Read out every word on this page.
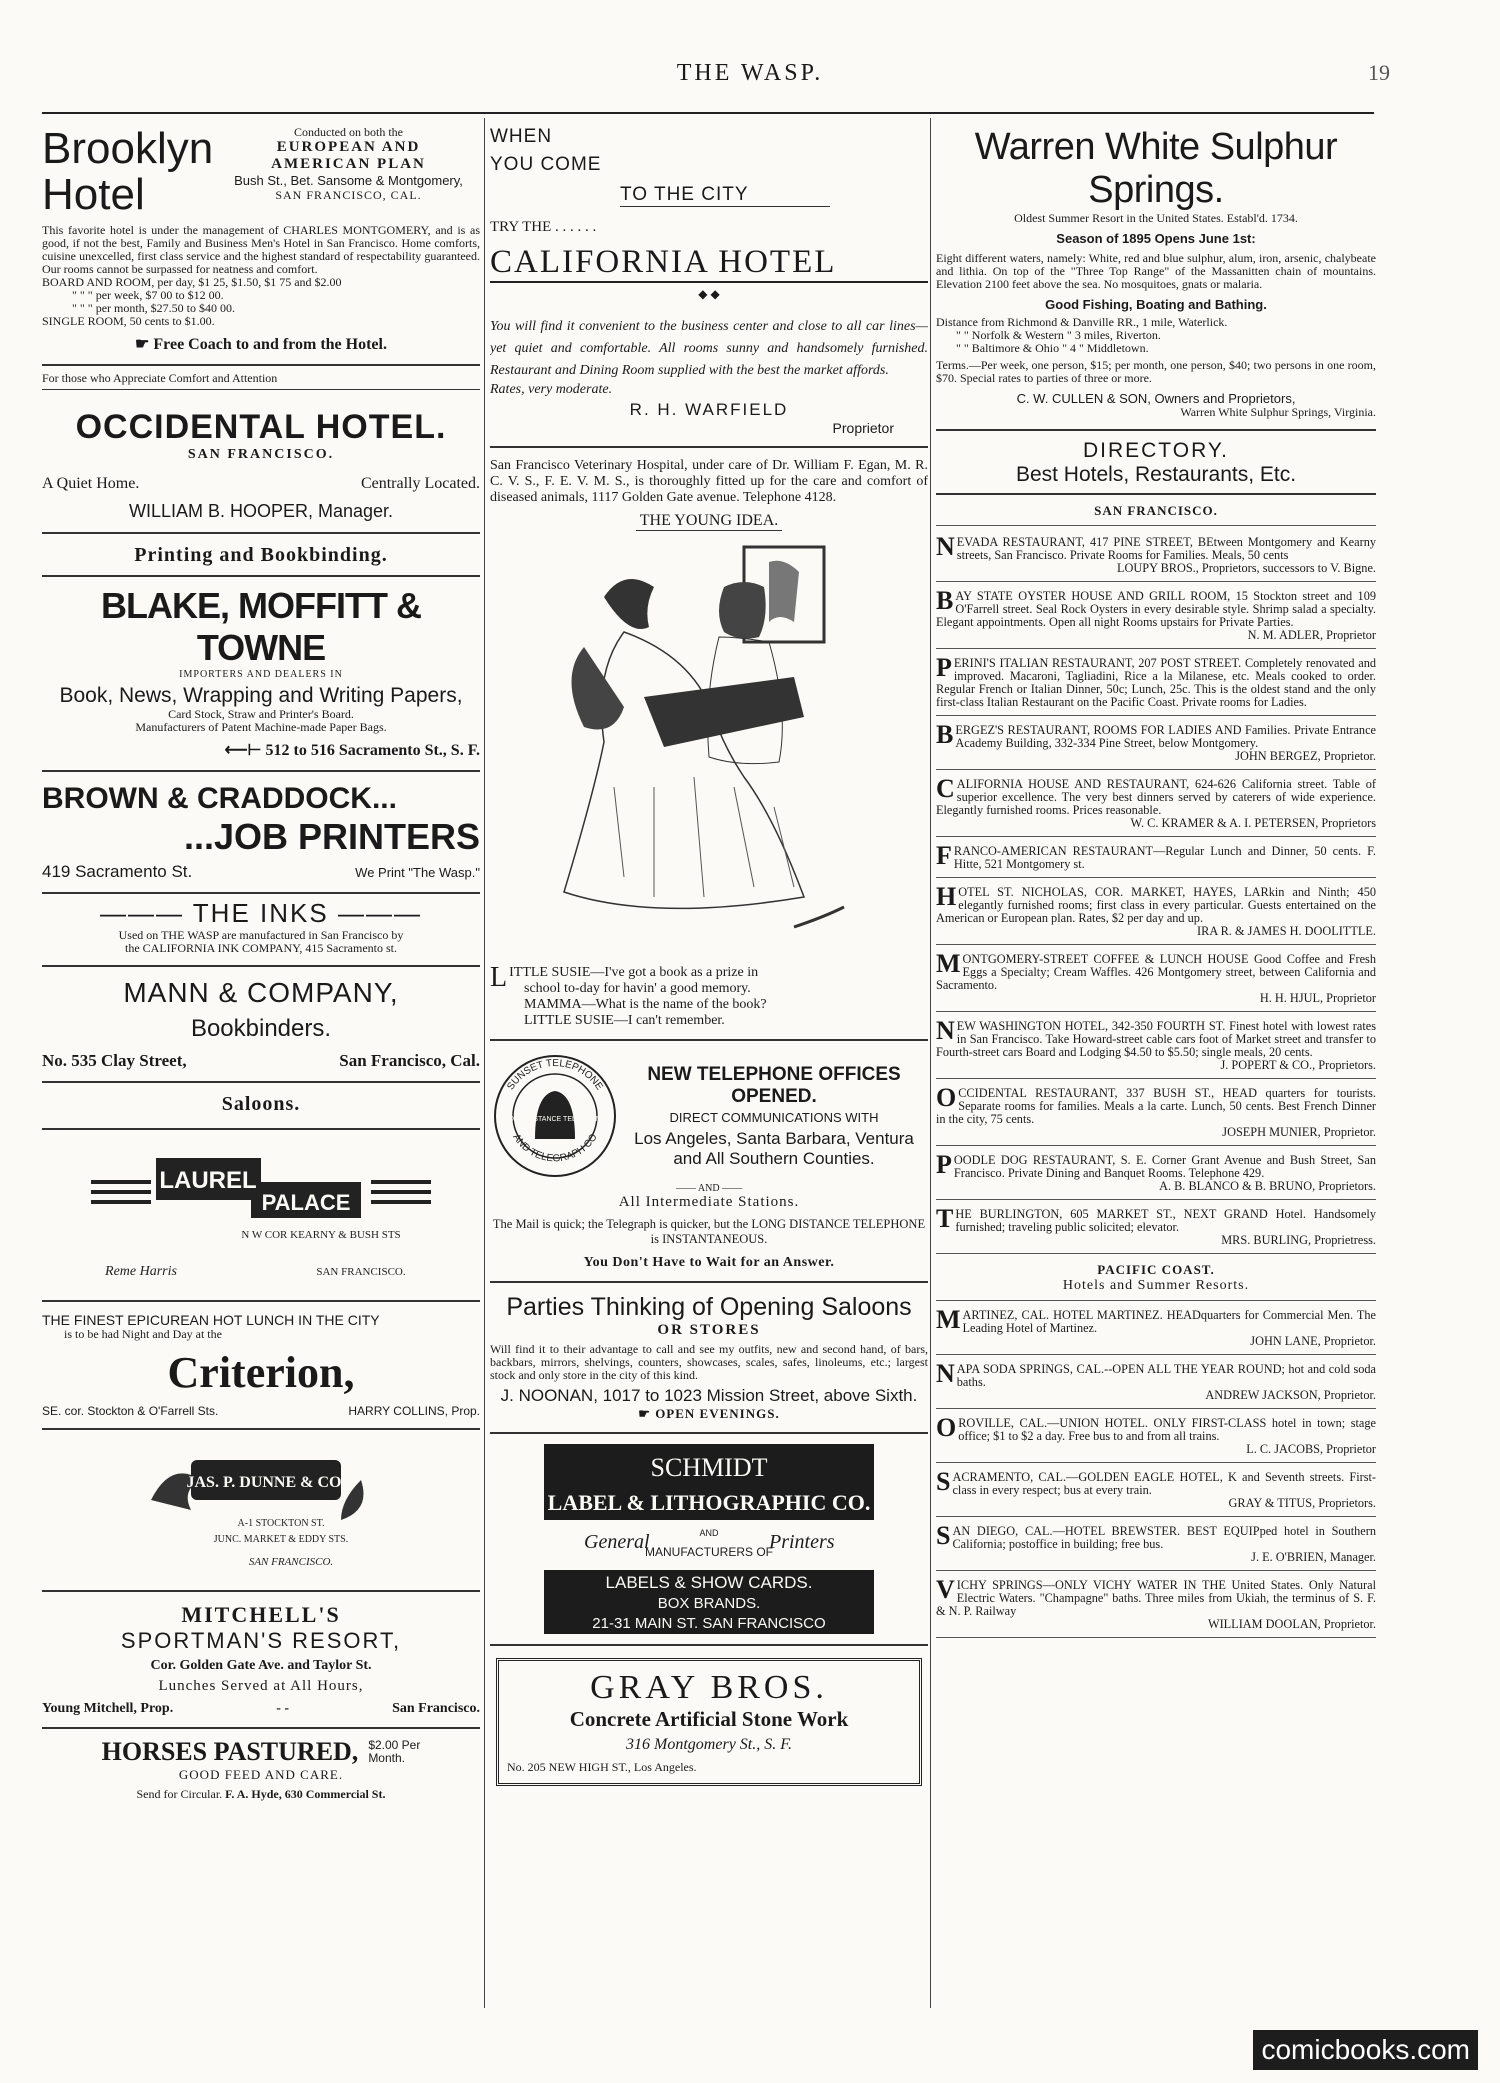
THE WASP.	19
Brooklyn
Hotel
Conducted on both the
EUROPEAN AND
AMERICAN PLAN
Bush St., Bet. Sansome & Montgomery,
SAN FRANCISCO, CAL.
This favorite hotel is under the management of CHARLES MONTGOMERY, and is as good, if not the best, Family and Business Men's Hotel in San Francisco. Home comforts, cuisine unexcelled, first class service and the highest standard of respectability guaranteed. Our rooms cannot be surpassed for neatness and comfort.
BOARD AND ROOM, per day, $1 25, $1.50, $1 75 and $2.00
" " " per week, $7 00 to $12 00.
" " " per month, $27.50 to $40 00.
SINGLE ROOM, 50 cents to $1.00.
☛ Free Coach to and from the Hotel.
For those who Appreciate Comfort and Attention
OCCIDENTAL HOTEL.
SAN FRANCISCO.
A Quiet Home.	Centrally Located.
WILLIAM B. HOOPER, Manager.
Printing and Bookbinding.
BLAKE, MOFFITT & TOWNE
IMPORTERS AND DEALERS IN
Book, News, Wrapping and Writing Papers,
Card Stock, Straw and Printer's Board.
Manufacturers of Patent Machine-made Paper Bags.
⟵⊢ 512 to 516 Sacramento St., S. F.
BROWN & CRADDOCK...
...JOB PRINTERS
419 Sacramento St.	We Print "The Wasp."
——— THE INKS ———
Used on THE WASP are manufactured in San Francisco by
the CALIFORNIA INK COMPANY, 415 Sacramento st.
MANN & COMPANY,
Bookbinders.
No. 535 Clay Street,	San Francisco, Cal.
Saloons.
LAUREL
PALACE
N W COR KEARNY & BUSH STS
Reme Harris	SAN FRANCISCO.
THE FINEST EPICUREAN HOT LUNCH IN THE CITY
is to be had Night and Day at the
Criterion,
SE. cor. Stockton & O'Farrell Sts.	HARRY COLLINS, Prop.
JAS. P. DUNNE & CO.
A-1 STOCKTON ST.
JUNC. MARKET & EDDY STS.
SAN FRANCISCO.
MITCHELL'S
SPORTMAN'S RESORT,
Cor. Golden Gate Ave. and Taylor St.
Lunches Served at All Hours,
Young Mitchell, Prop.	- -	San Francisco.
HORSES PASTURED, $2.00 Per
Month.
GOOD FEED AND CARE.
Send for Circular. F. A. Hyde, 630 Commercial St.
WHEN
YOU COME
TO THE CITY
TRY THE . . . . . .
CALIFORNIA HOTEL
◆ ◆
You will find it convenient to the business center and close to all car lines—yet quiet and comfortable. All rooms sunny and handsomely furnished. Restaurant and Dining Room supplied with the best the market affords.
Rates, very moderate.
R. H. WARFIELD
Proprietor
San Francisco Veterinary Hospital, under care of Dr. William F. Egan, M. R. C. V. S., F. E. V. M. S., is thoroughly fitted up for the care and comfort of diseased animals, 1117 Golden Gate avenue. Telephone 4128.
THE YOUNG IDEA.
LITTLE SUSIE—I've got a book as a prize in
school to-day for havin' a good memory.
MAMMA—What is the name of the book?
LITTLE SUSIE—I can't remember.
LONG DISTANCE TELEPHONE
SUNSET TELEPHONE
AND TELEGRAPH CO
NEW TELEPHONE OFFICES OPENED.
DIRECT COMMUNICATIONS WITH
Los Angeles, Santa Barbara, Ventura
and All Southern Counties.
—— AND ——
All Intermediate Stations.
The Mail is quick; the Telegraph is quicker, but the LONG DISTANCE TELEPHONE is INSTANTANEOUS.
You Don't Have to Wait for an Answer.
Parties Thinking of Opening Saloons
OR STORES
Will find it to their advantage to call and see my outfits, new and second hand, of bars, backbars, mirrors, shelvings, counters, showcases, scales, safes, linoleums, etc.; largest stock and only store in the city of this kind.
J. NOONAN, 1017 to 1023 Mission Street, above Sixth.
☛ OPEN EVENINGS.
SCHMIDT
LABEL & LITHOGRAPHIC CO.
General	Printers
AND
MANUFACTURERS OF
LABELS & SHOW CARDS.
BOX BRANDS.
21-31 MAIN ST. SAN FRANCISCO
GRAY BROS.
Concrete Artificial Stone Work
316 Montgomery St., S. F.
No. 205 NEW HIGH ST., Los Angeles.
Warren White Sulphur Springs.
Oldest Summer Resort in the United States. Establ'd. 1734.
Season of 1895 Opens June 1st:
Eight different waters, namely: White, red and blue sulphur, alum, iron, arsenic, chalybeate and lithia. On top of the "Three Top Range" of the Massanitten chain of mountains. Elevation 2100 feet above the sea. No mosquitoes, gnats or malaria.
Good Fishing, Boating and Bathing.
Distance from Richmond & Danville RR., 1 mile, Waterlick.
" " Norfolk & Western " 3 miles, Riverton.
" " Baltimore & Ohio " 4 " Middletown.
Terms.—Per week, one person, $15; per month, one person, $40; two persons in one room, $70. Special rates to parties of three or more.
C. W. CULLEN & SON, Owners and Proprietors,
Warren White Sulphur Springs, Virginia.
DIRECTORY.
Best Hotels, Restaurants, Etc.
SAN FRANCISCO.
NEVADA RESTAURANT, 417 PINE STREET, BEtween Montgomery and Kearny streets, San Francisco. Private Rooms for Families. Meals, 50 cents
LOUPY BROS., Proprietors, successors to V. Bigne.
BAY STATE OYSTER HOUSE AND GRILL ROOM, 15 Stockton street and 109 O'Farrell street. Seal Rock Oysters in every desirable style. Shrimp salad a specialty. Elegant appointments. Open all night Rooms upstairs for Private Parties.
N. M. ADLER, Proprietor
PERINI'S ITALIAN RESTAURANT, 207 POST STREET. Completely renovated and improved. Macaroni, Tagliadini, Rice a la Milanese, etc. Meals cooked to order. Regular French or Italian Dinner, 50c; Lunch, 25c. This is the oldest stand and the only first-class Italian Restaurant on the Pacific Coast. Private rooms for Ladies.
BERGEZ'S RESTAURANT, ROOMS FOR LADIES AND Families. Private Entrance Academy Building, 332-334 Pine Street, below Montgomery.
JOHN BERGEZ, Proprietor.
CALIFORNIA HOUSE AND RESTAURANT, 624-626 California street. Table of superior excellence. The very best dinners served by caterers of wide experience. Elegantly furnished rooms. Prices reasonable.
W. C. KRAMER & A. I. PETERSEN, Proprietors
FRANCO-AMERICAN RESTAURANT—Regular Lunch and Dinner, 50 cents. F. Hitte, 521 Montgomery st.
HOTEL ST. NICHOLAS, COR. MARKET, HAYES, LARkin and Ninth; 450 elegantly furnished rooms; first class in every particular. Guests entertained on the American or European plan. Rates, $2 per day and up.
IRA R. & JAMES H. DOOLITTLE.
MONTGOMERY-STREET COFFEE & LUNCH HOUSE Good Coffee and Fresh Eggs a Specialty; Cream Waffles. 426 Montgomery street, between California and Sacramento.
H. H. HJUL, Proprietor
NEW WASHINGTON HOTEL, 342-350 FOURTH ST. Finest hotel with lowest rates in San Francisco. Take Howard-street cable cars foot of Market street and transfer to Fourth-street cars Board and Lodging $4.50 to $5.50; single meals, 20 cents.
J. POPERT & CO., Proprietors.
OCCIDENTAL RESTAURANT, 337 BUSH ST., HEAD quarters for tourists. Separate rooms for families. Meals a la carte. Lunch, 50 cents. Best French Dinner in the city, 75 cents.
JOSEPH MUNIER, Proprietor.
POODLE DOG RESTAURANT, S. E. Corner Grant Avenue and Bush Street, San Francisco. Private Dining and Banquet Rooms. Telephone 429.
A. B. BLANCO & B. BRUNO, Proprietors.
THE BURLINGTON, 605 MARKET ST., NEXT GRAND Hotel. Handsomely furnished; traveling public solicited; elevator.
MRS. BURLING, Proprietress.
PACIFIC COAST.
Hotels and Summer Resorts.
MARTINEZ, CAL. HOTEL MARTINEZ. HEADquarters for Commercial Men. The Leading Hotel of Martinez.
JOHN LANE, Proprietor.
NAPA SODA SPRINGS, CAL.--OPEN ALL THE YEAR ROUND; hot and cold soda baths.
ANDREW JACKSON, Proprietor.
OROVILLE, CAL.—UNION HOTEL. ONLY FIRST-CLASS hotel in town; stage office; $1 to $2 a day. Free bus to and from all trains.
L. C. JACOBS, Proprietor
SACRAMENTO, CAL.—GOLDEN EAGLE HOTEL, K and Seventh streets. First-class in every respect; bus at every train.
GRAY & TITUS, Proprietors.
SAN DIEGO, CAL.—HOTEL BREWSTER. BEST EQUIPped hotel in Southern California; postoffice in building; free bus.
J. E. O'BRIEN, Manager.
VICHY SPRINGS—ONLY VICHY WATER IN THE United States. Only Natural Electric Waters. "Champagne" baths. Three miles from Ukiah, the terminus of S. F. & N. P. Railway
WILLIAM DOOLAN, Proprietor.
comicbooks.com
